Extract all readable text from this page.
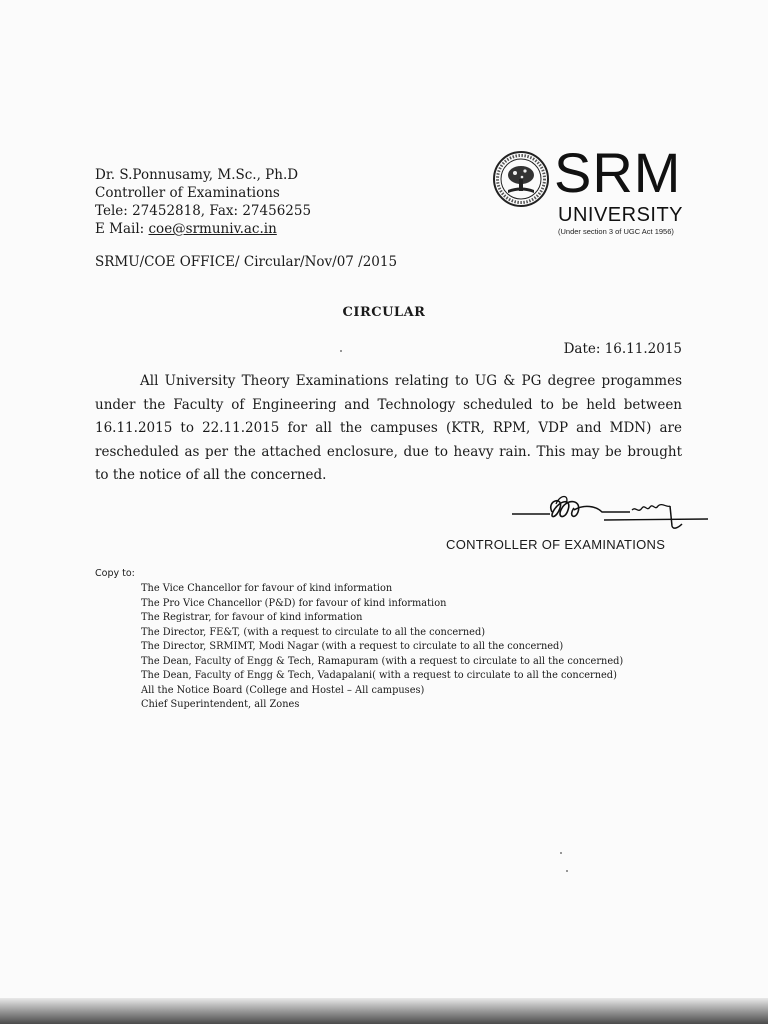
Dr. S.Ponnusamy, M.Sc., Ph.D
Controller of Examinations
Tele: 27452818, Fax: 27456255
E Mail: coe@srmuniv.ac.in
SRM
UNIVERSITY
(Under section 3 of UGC Act 1956)
SRMU/COE OFFICE/ Circular/Nov/07 /2015
CIRCULAR
Date: 16.11.2015
All University Theory Examinations relating to UG & PG degree progammes under the Faculty of Engineering and Technology scheduled to be held between 16.11.2015 to 22.11.2015 for all the campuses (KTR, RPM, VDP and MDN) are rescheduled as per the attached enclosure, due to heavy rain. This may be brought to the notice of all the concerned.
CONTROLLER OF EXAMINATIONS
Copy to:
The Vice Chancellor for favour of kind information
The Pro Vice Chancellor (P&D) for favour of kind information
The Registrar, for favour of kind information
The Director, FE&T, (with a request to circulate to all the concerned)
The Director, SRMIMT, Modi Nagar (with a request to circulate to all the concerned)
The Dean, Faculty of Engg & Tech, Ramapuram (with a request to circulate to all the concerned)
The Dean, Faculty of Engg & Tech, Vadapalani( with a request to circulate to all the concerned)
All the Notice Board (College and Hostel – All campuses)
Chief Superintendent, all Zones
